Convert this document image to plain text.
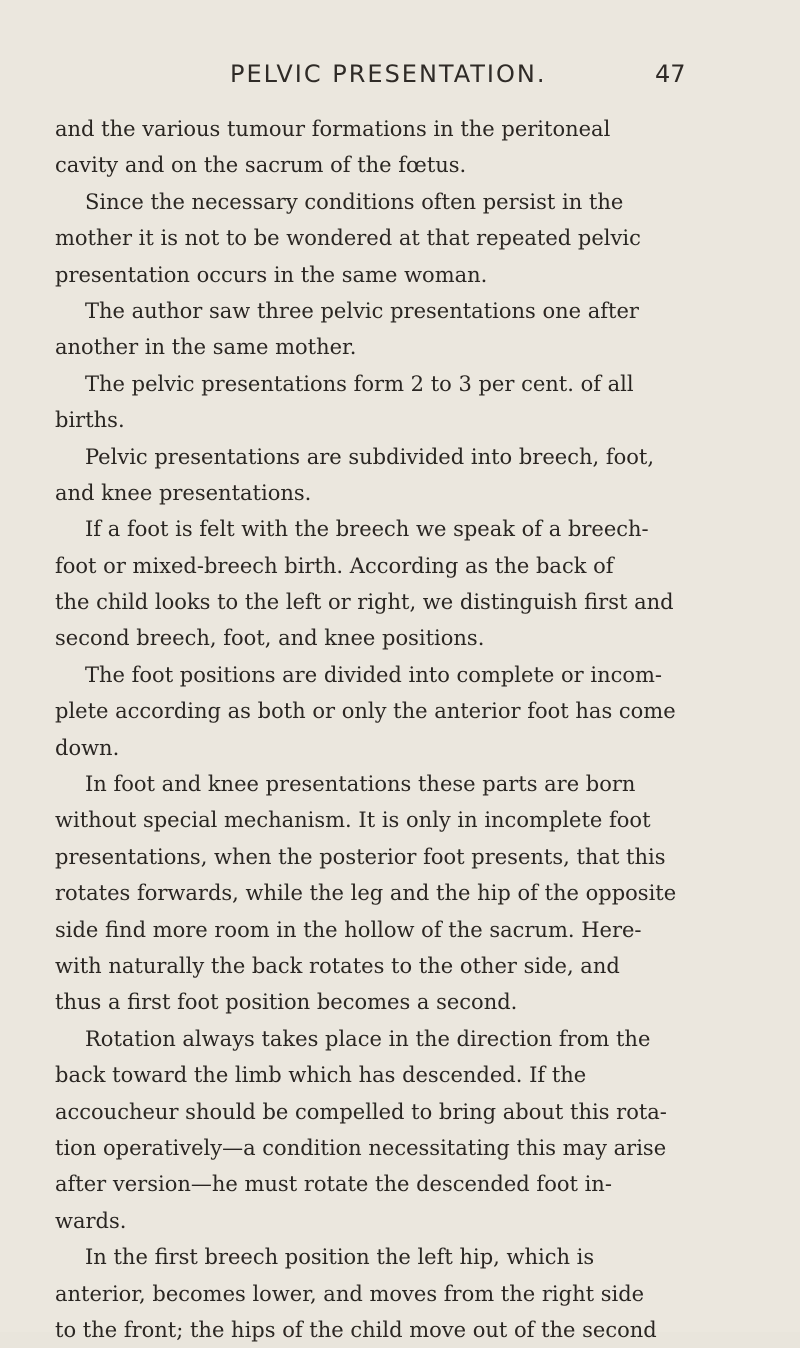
PELVIC PRESENTATION.	47
and the various tumour formations in the peritoneal
cavity and on the sacrum of the fœtus.
Since the necessary conditions often persist in the
mother it is not to be wondered at that repeated pelvic
presentation occurs in the same woman.
The author saw three pelvic presentations one after
another in the same mother.
The pelvic presentations form 2 to 3 per cent. of all
births.
Pelvic presentations are subdivided into breech, foot,
and knee presentations.
If a foot is felt with the breech we speak of a breech-
foot or mixed-breech birth. According as the back of
the child looks to the left or right, we distinguish first and
second breech, foot, and knee positions.
The foot positions are divided into complete or incom-
plete according as both or only the anterior foot has come
down.
In foot and knee presentations these parts are born
without special mechanism. It is only in incomplete foot
presentations, when the posterior foot presents, that this
rotates forwards, while the leg and the hip of the opposite
side find more room in the hollow of the sacrum. Here-
with naturally the back rotates to the other side, and
thus a first foot position becomes a second.
Rotation always takes place in the direction from the
back toward the limb which has descended. If the
accoucheur should be compelled to bring about this rota-
tion operatively—a condition necessitating this may arise
after version—he must rotate the descended foot in-
wards.
In the first breech position the left hip, which is
anterior, becomes lower, and moves from the right side
to the front; the hips of the child move out of the second
